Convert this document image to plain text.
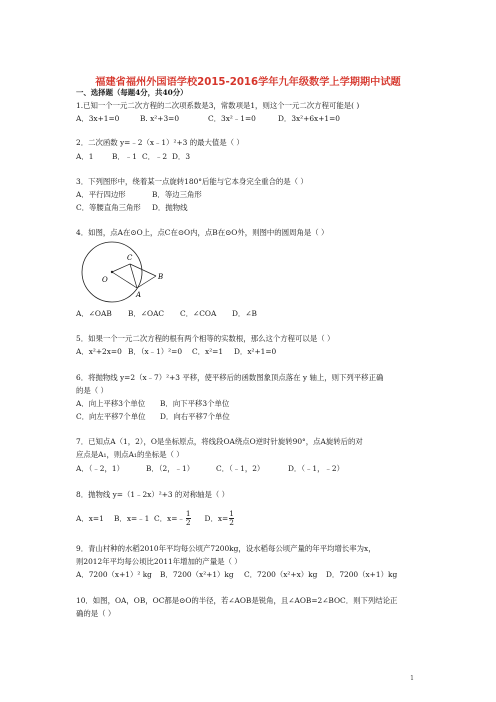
福建省福州外国语学校2015-2016学年九年级数学上学期期中试题
一、选择题（每题4分，共40分）
1.已知一个一元二次方程的二次项系数是3，常数项是1，则这个一元二次方程可能是( )
A．3x+1=0	B. x²+3=0	C．3x²﹣1=0	D．3x²+6x+1=0
2．二次函数 y=﹣2（x﹣1）²+3 的最大值是（ ）
A．1	B．﹣1 C．﹣2 D．3
3．下列图形中，绕着某一点旋转180°后能与它本身完全重合的是（ ）
A．平行四边形	B．等边三角形
C．等腰直角三角形 D．抛物线
4．如图，点A在⊙O上，点C在⊙O内，点B在⊙O外，则图中的圆周角是（ ）
C
O	B
A
A．∠OAB B．∠OAC C．∠COA D．∠B
5．如果一个一元二次方程的根有两个相等的实数根，那么这个方程可以是（ ）
A．x²+2x=0 B．（x﹣1）²=0 C．x²=1 D．x²+1=0
6．将抛物线 y=2（x﹣7）²+3 平移，使平移后的函数图象顶点落在 y 轴上，则下列平移正确
的是（ ）
A．向上平移3个单位 B．向下平移3个单位
C．向左平移7个单位 D．向右平移7个单位
7．已知点A（1，2），O是坐标原点，将线段OA绕点O逆时针旋转90°，点A旋转后的对
应点是A₁，则点A₁的坐标是（ ）
A．（﹣2，1）	B．（2，﹣1）	C．（﹣1，2）	D．（﹣1，﹣2）
8．抛物线 y=（1﹣2x）²+3 的对称轴是（ ）
A．x=1 B．x=﹣1 C．x=﹣ $\frac{1}{2}$ D．$x= \frac{1}{2}$
9．青山村种的水稻2010年平均每公顷产7200kg，设水稻每公顷产量的年平均增长率为x，
则2012年平均每公顷比2011年增加的产量是（ ）
A．7200（x+1）² kg B．7200（x²+1）kg C．7200（x²+x）kg D．7200（x+1）kg
10．如图，OA，OB，OC都是⊙O的半径，若∠AOB是锐角，且∠AOB=2∠BOC．则下列结论正
确的是（ ）
1
